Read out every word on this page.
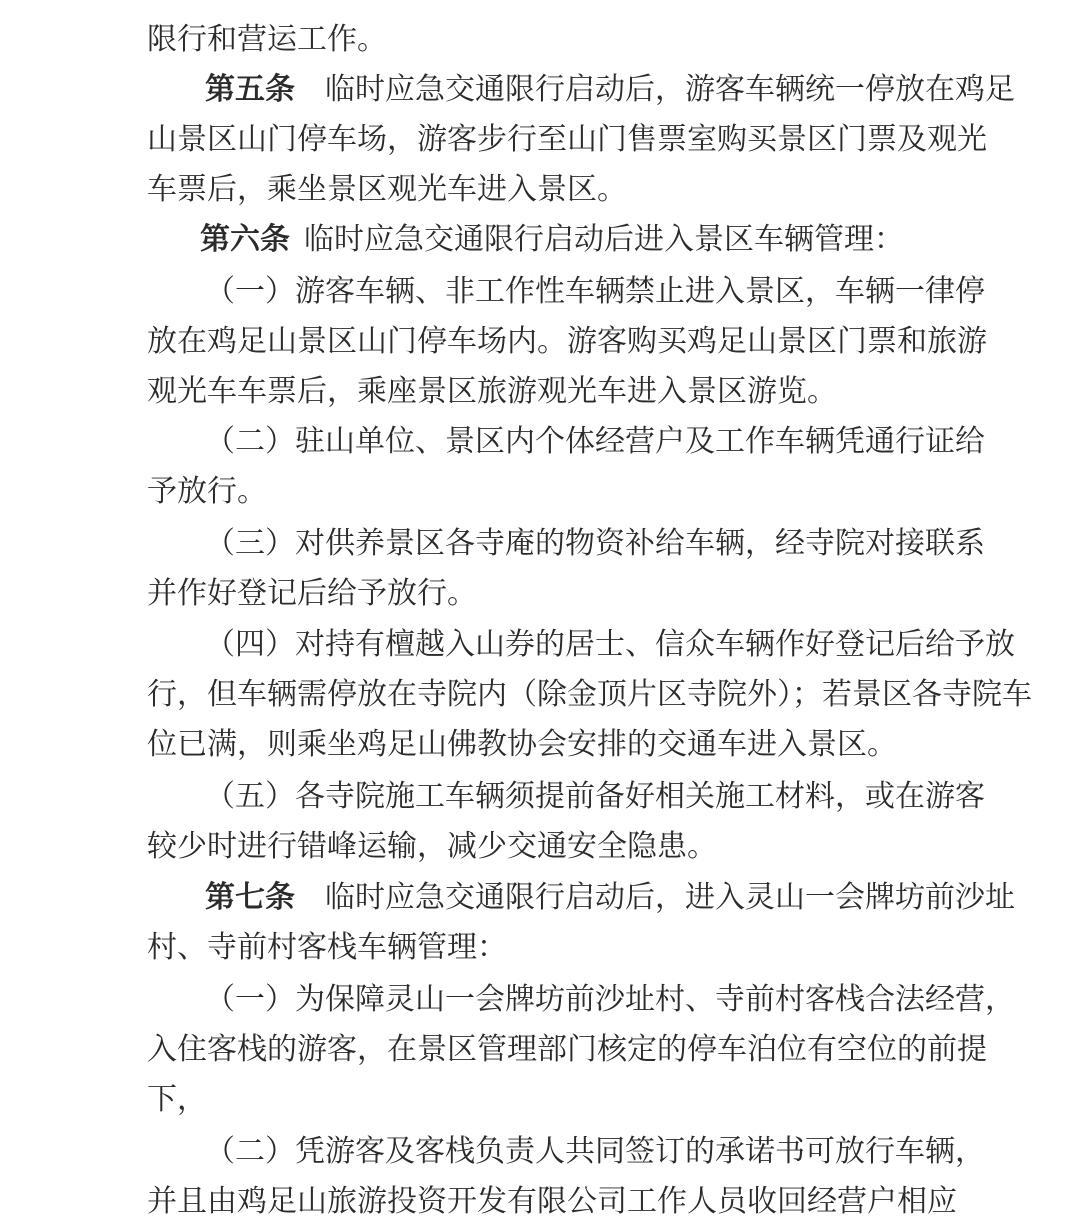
限行和营运工作。
第五条 临时应急交通限行启动后，游客车辆统一停放在鸡足
山景区山门停车场，游客步行至山门售票室购买景区门票及观光
车票后，乘坐景区观光车进入景区。
第六条 临时应急交通限行启动后进入景区车辆管理：
（一）游客车辆、非工作性车辆禁止进入景区，车辆一律停
放在鸡足山景区山门停车场内。游客购买鸡足山景区门票和旅游
观光车车票后，乘座景区旅游观光车进入景区游览。
（二）驻山单位、景区内个体经营户及工作车辆凭通行证给
予放行。
（三）对供养景区各寺庵的物资补给车辆，经寺院对接联系
并作好登记后给予放行。
（四）对持有檀越入山券的居士、信众车辆作好登记后给予放
行，但车辆需停放在寺院内（除金顶片区寺院外）；若景区各寺院车
位已满，则乘坐鸡足山佛教协会安排的交通车进入景区。
（五）各寺院施工车辆须提前备好相关施工材料，或在游客
较少时进行错峰运输，减少交通安全隐患。
第七条 临时应急交通限行启动后，进入灵山一会牌坊前沙址
村、寺前村客栈车辆管理：
（一）为保障灵山一会牌坊前沙址村、寺前村客栈合法经营，
入住客栈的游客，在景区管理部门核定的停车泊位有空位的前提
下，
（二）凭游客及客栈负责人共同签订的承诺书可放行车辆，
并且由鸡足山旅游投资开发有限公司工作人员收回经营户相应
